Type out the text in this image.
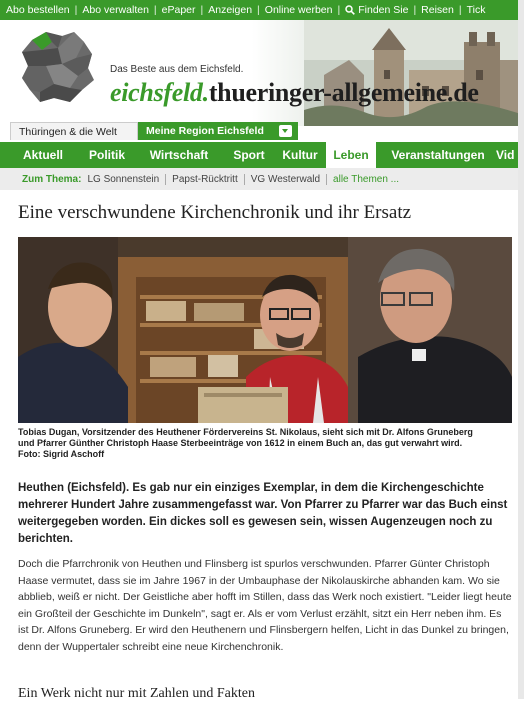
Abo bestellen | Abo verwalten | ePaper | Anzeigen | Online werben | Finden Sie | Reisen | Tick
Das Beste aus dem Eichsfeld.
eichsfeld.thueringer-allgemeine.de
Thüringen & die Welt	Meine Region Eichsfeld
Aktuell	Politik	Wirtschaft	Sport	Kultur	Leben	Veranstaltungen Vid
Zum Thema: LG Sonnenstein	Papst-Rücktritt	VG Westerwald	alle Themen ...
Eine verschwundene Kirchenchronik und ihr Ersatz
Tobias Dugan, Vorsitzender des Heuthener Fördervereins St. Nikolaus, sieht sich mit Dr. Alfons Gruneberg
und Pfarrer Günther Christoph Haase Sterbeeinträge von 1612 in einem Buch an, das gut verwahrt wird.
Foto: Sigrid Aschoff

Heuthen (Eichsfeld). Es gab nur ein einziges Exemplar, in dem die Kirchengeschichte mehrerer Hundert Jahre zusammengefasst war. Von Pfarrer zu Pfarrer war das Buch einst weitergegeben worden. Ein dickes soll es gewesen sein, wissen Augenzeugen noch zu berichten.

Doch die Pfarrchronik von Heuthen und Flinsberg ist spurlos verschwunden. Pfarrer Günter Christoph Haase vermutet, dass sie im Jahre 1967 in der Umbauphase der Nikolauskirche abhanden kam. Wo sie abblieb, weiß er nicht. Der Geistliche aber hofft im Stillen, dass das Werk noch existiert. "Leider liegt heute ein Großteil der Geschichte im Dunkeln", sagt er. Als er vom Verlust erzählt, sitzt ein Herr neben ihm. Es ist Dr. Alfons Gruneberg. Er wird den Heuthenern und Flinsbergern helfen, Licht in das Dunkel zu bringen, denn der Wuppertaler schreibt eine neue Kirchenchronik.

Ein Werk nicht nur mit Zahlen und Fakten
